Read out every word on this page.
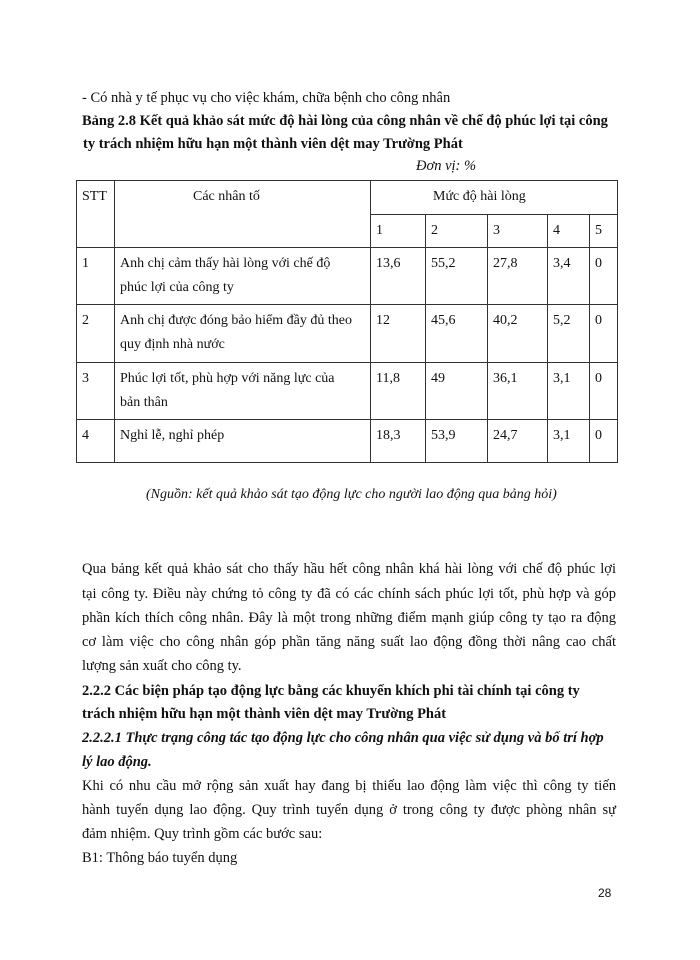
- Có nhà y tế phục vụ cho việc khám, chữa bệnh cho công nhân
Bảng 2.8 Kết quả khảo sát mức độ hài lòng của công nhân về chế độ phúc lợi tại công
ty trách nhiệm hữu hạn một thành viên dệt may Trường Phát
Đơn vị: %
STT	Các nhân tố	Mức độ hài lòng				
		1	2	3	4	5
1	Anh chị cảm thấy hài lòng với chế độ
phúc lợi của công ty	13,6	55,2	27,8	3,4	0
2	Anh chị được đóng bảo hiểm đầy đủ theo
quy định nhà nước	12	45,6	40,2	5,2	0
3	Phúc lợi tốt, phù hợp với năng lực của
bản thân	11,8	49	36,1	3,1	0
4	Nghỉ lễ, nghỉ phép	18,3	53,9	24,7	3,1	0
(Nguồn: kết quả khảo sát tạo động lực cho người lao động qua bảng hỏi)
Qua bảng kết quả khảo sát cho thấy hầu hết công nhân khá hài lòng với chế độ phúc lợi
tại công ty. Điều này chứng tỏ công ty đã có các chính sách phúc lợi tốt, phù hợp và góp
phần kích thích công nhân. Đây là một trong những điểm mạnh giúp công ty tạo ra động
cơ làm việc cho công nhân góp phần tăng năng suất lao động đồng thời nâng cao chất
lượng sản xuất cho công ty.
2.2.2 Các biện pháp tạo động lực bằng các khuyến khích phi tài chính tại công ty
trách nhiệm hữu hạn một thành viên dệt may Trường Phát
2.2.2.1 Thực trạng công tác tạo động lực cho công nhân qua việc sử dụng và bố trí hợp
lý lao động.
Khi có nhu cầu mở rộng sản xuất hay đang bị thiếu lao động làm việc thì công ty tiến
hành tuyển dụng lao động. Quy trình tuyển dụng ở trong công ty được phòng nhân sự
đảm nhiệm. Quy trình gồm các bước sau:
B1: Thông báo tuyển dụng
28
